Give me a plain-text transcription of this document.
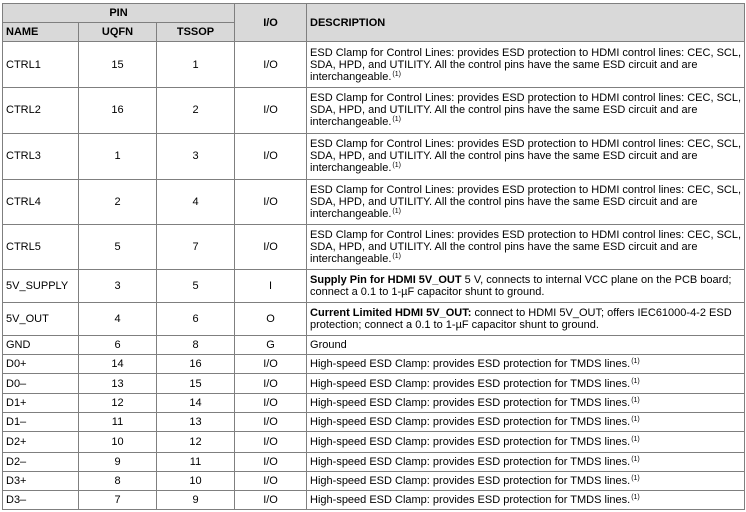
PIN			I/O	DESCRIPTION
NAME	UQFN	TSSOP		
CTRL1	15	1	I/O	ESD Clamp for Control Lines: provides ESD protection to HDMI control lines: CEC, SCL, SDA, HPD, and UTILITY. All the control pins have the same ESD circuit and are interchangeable.$^{(1)}$
CTRL2	16	2	I/O	ESD Clamp for Control Lines: provides ESD protection to HDMI control lines: CEC, SCL, SDA, HPD, and UTILITY. All the control pins have the same ESD circuit and are interchangeable.$^{(1)}$
CTRL3	1	3	I/O	ESD Clamp for Control Lines: provides ESD protection to HDMI control lines: CEC, SCL, SDA, HPD, and UTILITY. All the control pins have the same ESD circuit and are interchangeable.$^{(1)}$
CTRL4	2	4	I/O	ESD Clamp for Control Lines: provides ESD protection to HDMI control lines: CEC, SCL, SDA, HPD, and UTILITY. All the control pins have the same ESD circuit and are interchangeable.$^{(1)}$
CTRL5	5	7	I/O	ESD Clamp for Control Lines: provides ESD protection to HDMI control lines: CEC, SCL, SDA, HPD, and UTILITY. All the control pins have the same ESD circuit and are interchangeable.$^{(1)}$
5V_SUPPLY	3	5	I	Supply Pin for HDMI 5V_OUT 5 V, connects to internal VCC plane on the PCB board; connect a 0.1 to 1-µF capacitor shunt to ground.
5V_OUT	4	6	O	Current Limited HDMI 5V_OUT: connect to HDMI 5V_OUT; offers IEC61000-4-2 ESD protection; connect a 0.1 to 1-µF capacitor shunt to ground.
GND	6	8	G	Ground
D0+	14	16	I/O	High-speed ESD Clamp: provides ESD protection for TMDS lines.$^{(1)}$
D0–	13	15	I/O	High-speed ESD Clamp: provides ESD protection for TMDS lines.$^{(1)}$
D1+	12	14	I/O	High-speed ESD Clamp: provides ESD protection for TMDS lines.$^{(1)}$
D1–	11	13	I/O	High-speed ESD Clamp: provides ESD protection for TMDS lines.$^{(1)}$
D2+	10	12	I/O	High-speed ESD Clamp: provides ESD protection for TMDS lines.$^{(1)}$
D2–	9	11	I/O	High-speed ESD Clamp: provides ESD protection for TMDS lines.$^{(1)}$
D3+	8	10	I/O	High-speed ESD Clamp: provides ESD protection for TMDS lines.$^{(1)}$
D3–	7	9	I/O	High-speed ESD Clamp: provides ESD protection for TMDS lines.$^{(1)}$
